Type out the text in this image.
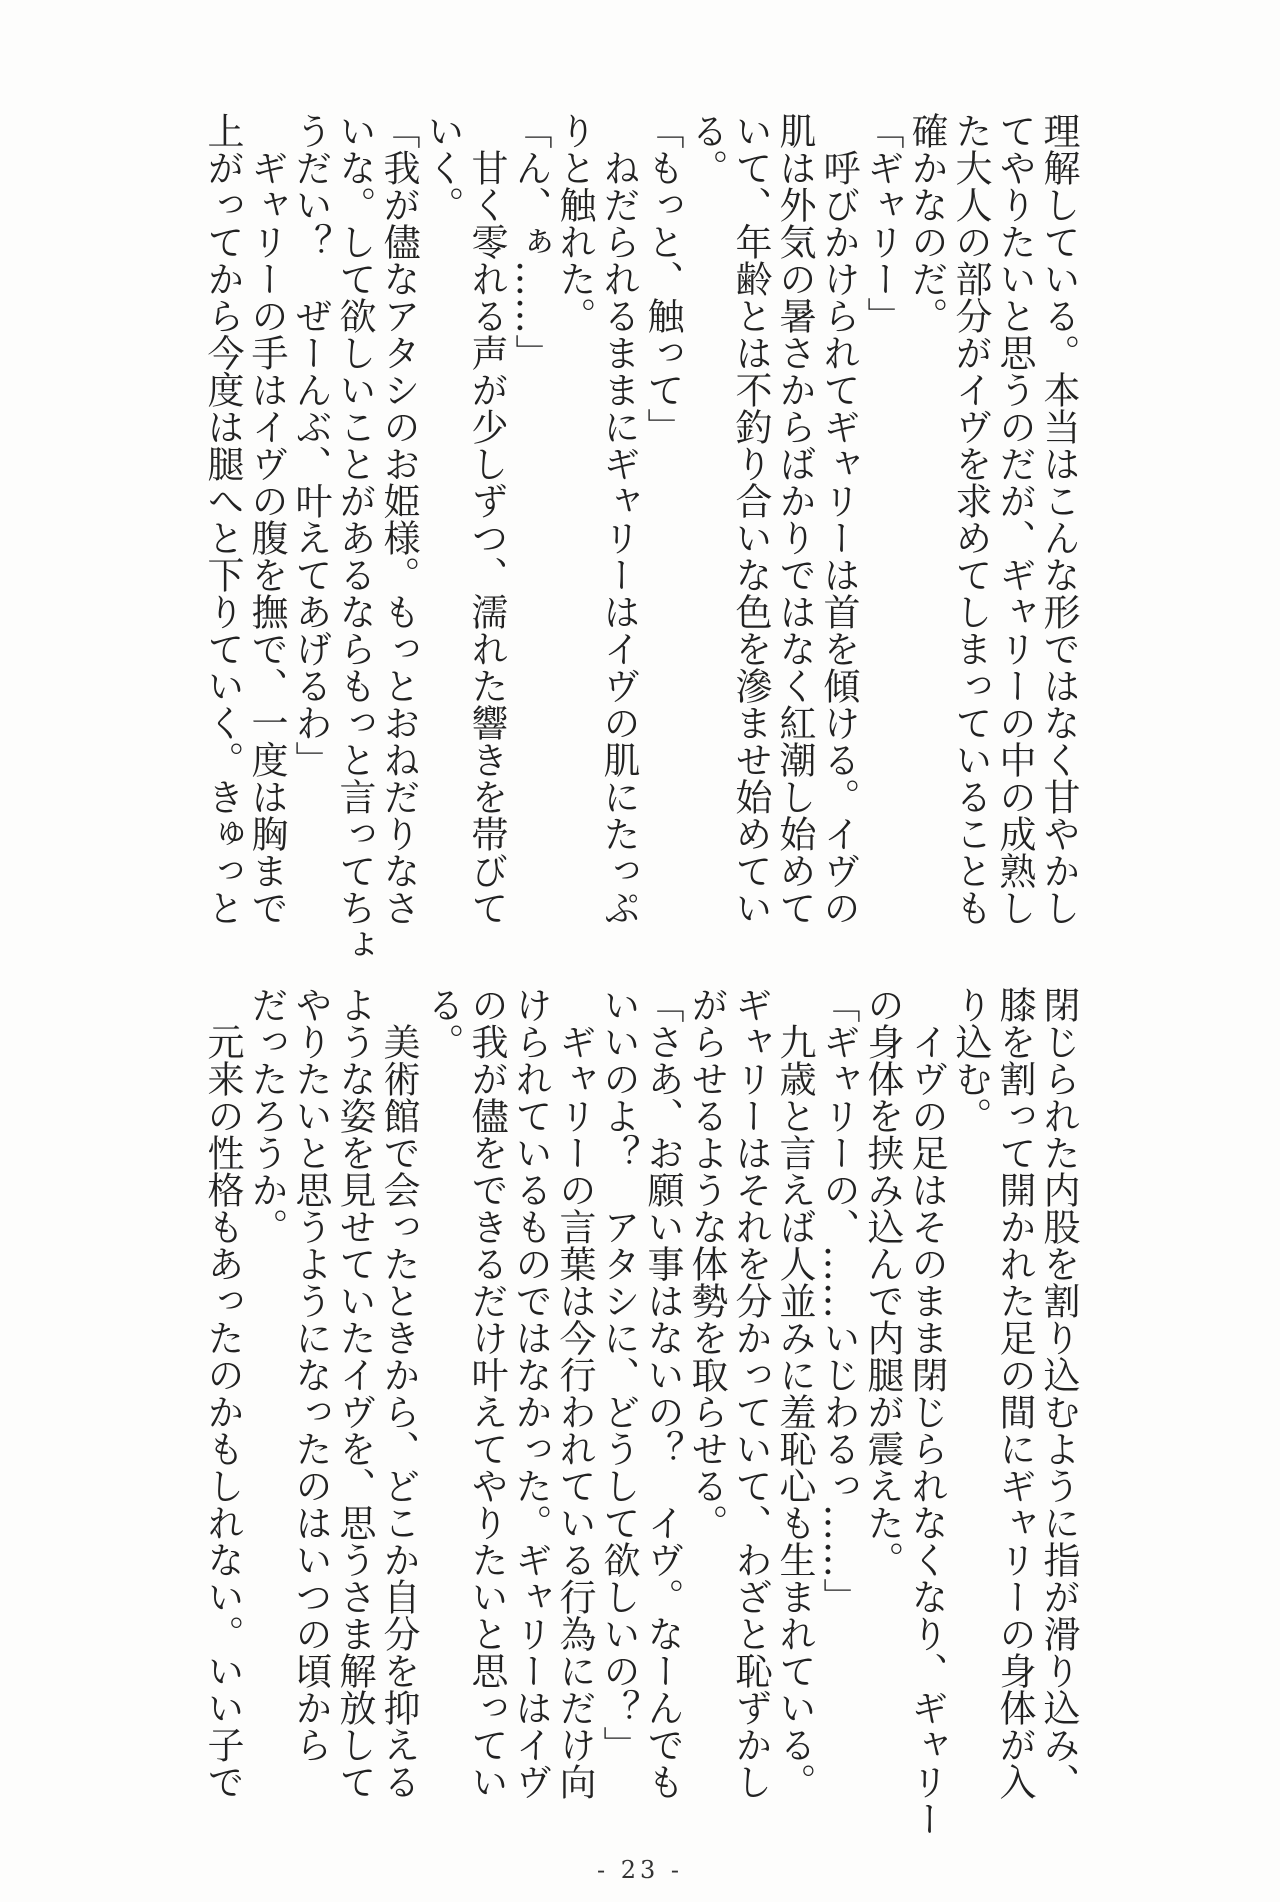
理解している。本当はこんな形ではなく甘やかし
てやりたいと思うのだが、ギャリーの中の成熟し
た大人の部分がイヴを求めてしまっていることも
確かなのだ。
「ギャリー」
　呼びかけられてギャリーは首を傾ける。イヴの
肌は外気の暑さからばかりではなく紅潮し始めて
いて、年齢とは不釣り合いな色を滲ませ始めてい
る。
「もっと、触って」
　ねだられるままにギャリーはイヴの肌にたっぷ
りと触れた。
「ん、ぁ……」
　甘く零れる声が少しずつ、濡れた響きを帯びて
いく。
「我が儘なアタシのお姫様。もっとおねだりなさ
いな。して欲しいことがあるならもっと言ってちょ
うだい？　ぜーんぶ、叶えてあげるわ」
　ギャリーの手はイヴの腹を撫で、一度は胸まで
上がってから今度は腿へと下りていく。きゅっと
閉じられた内股を割り込むように指が滑り込み、
膝を割って開かれた足の間にギャリーの身体が入
り込む。
　イヴの足はそのまま閉じられなくなり、ギャリー
の身体を挟み込んで内腿が震えた。
「ギャリーの、……いじわるっ……」
　九歳と言えば人並みに羞恥心も生まれている。
ギャリーはそれを分かっていて、わざと恥ずかし
がらせるような体勢を取らせる。
「さあ、お願い事はないの？　イヴ。なーんでも
いいのよ？　アタシに、どうして欲しいの？」
　ギャリーの言葉は今行われている行為にだけ向
けられているものではなかった。ギャリーはイヴ
の我が儘をできるだけ叶えてやりたいと思ってい
る。
　美術館で会ったときから、どこか自分を抑える
ような姿を見せていたイヴを、思うさま解放して
やりたいと思うようになったのはいつの頃から
だったろうか。
　元来の性格もあったのかもしれない。いい子で
- 23 -
